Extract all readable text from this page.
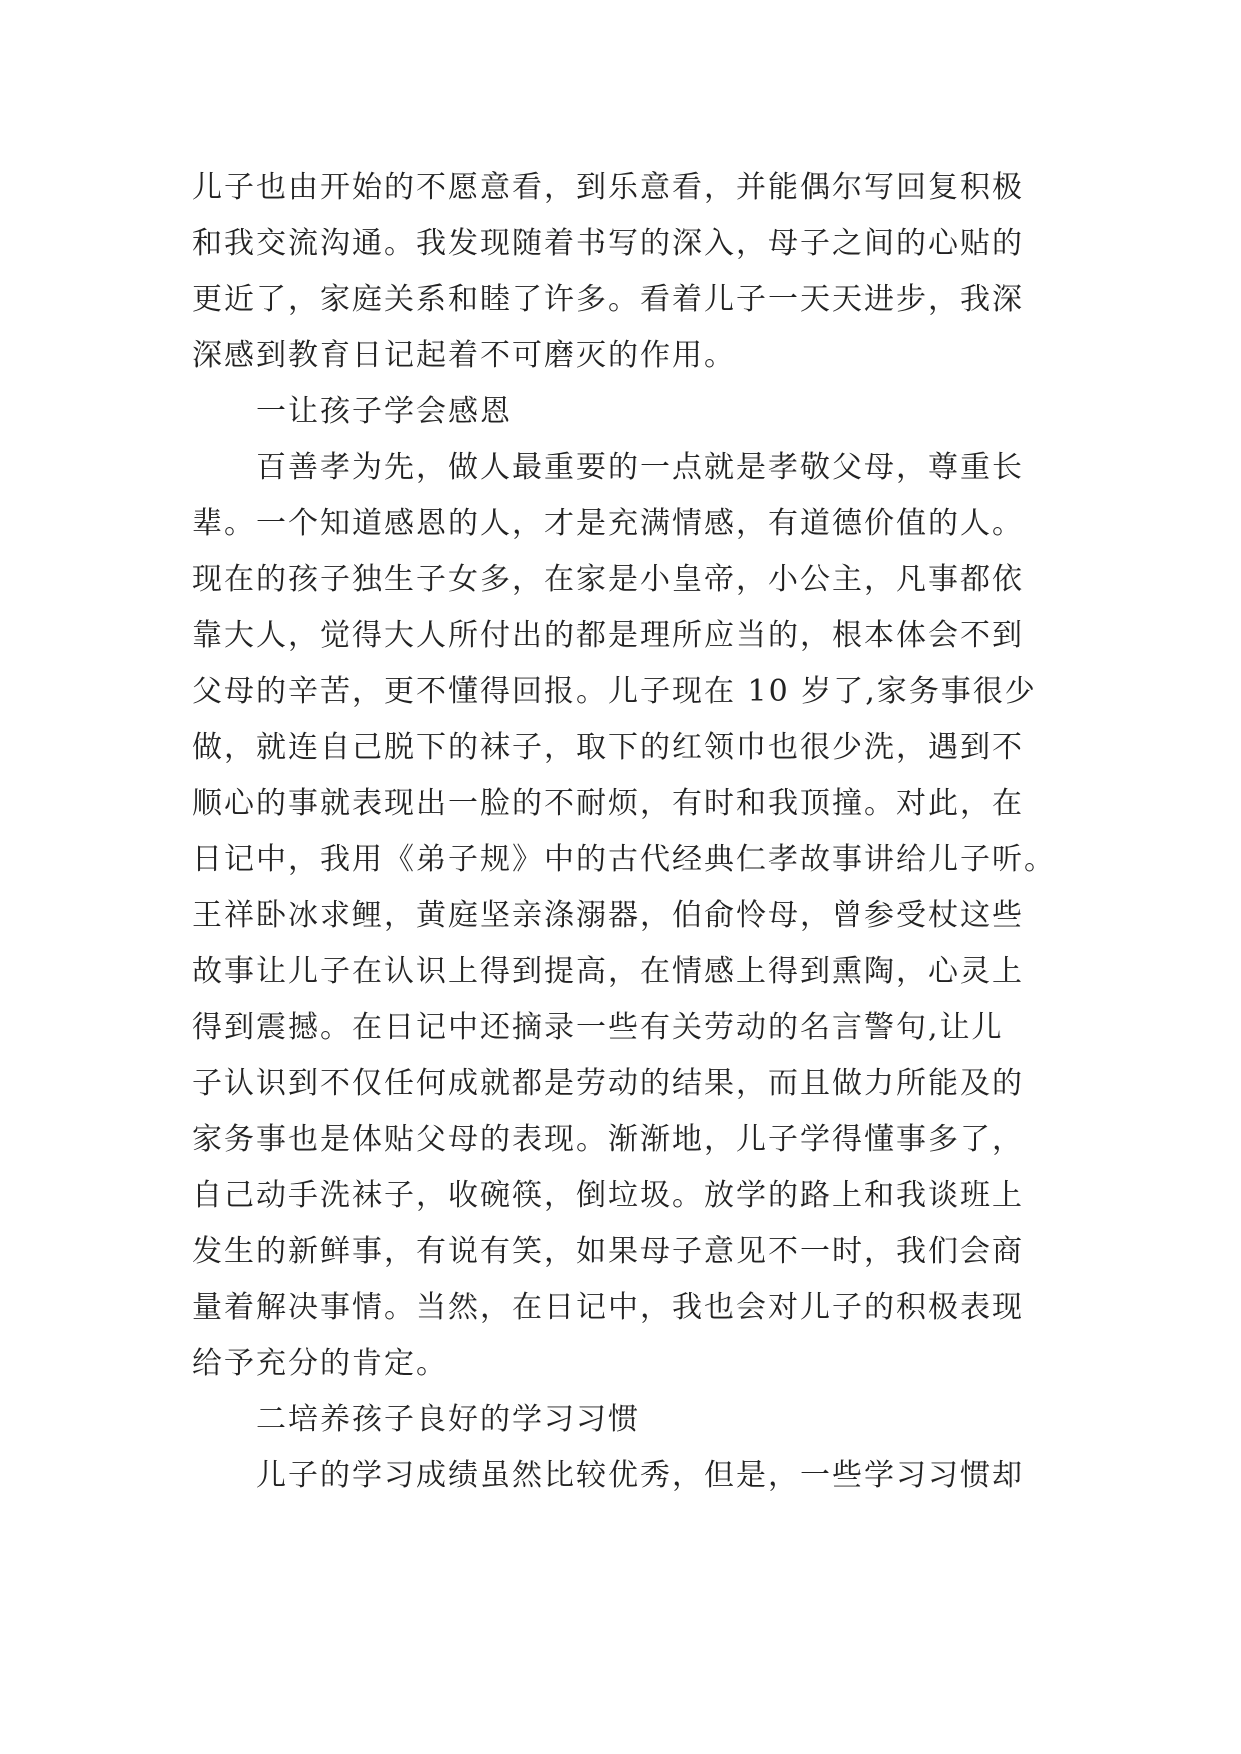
儿子也由开始的不愿意看，到乐意看，并能偶尔写回复积极

和我交流沟通。我发现随着书写的深入，母子之间的心贴的

更近了，家庭关系和睦了许多。看着儿子一天天进步，我深

深感到教育日记起着不可磨灭的作用。

一让孩子学会感恩

百善孝为先，做人最重要的一点就是孝敬父母，尊重长

辈。一个知道感恩的人，才是充满情感，有道德价值的人。

现在的孩子独生子女多，在家是小皇帝，小公主，凡事都依

靠大人，觉得大人所付出的都是理所应当的，根本体会不到

父母的辛苦，更不懂得回报。儿子现在 10 岁了,家务事很少

做，就连自己脱下的袜子，取下的红领巾也很少洗，遇到不

顺心的事就表现出一脸的不耐烦，有时和我顶撞。对此，在

日记中，我用《弟子规》中的古代经典仁孝故事讲给儿子听。

王祥卧冰求鲤，黄庭坚亲涤溺器，伯俞怜母，曾参受杖这些

故事让儿子在认识上得到提高，在情感上得到熏陶，心灵上

得到震撼。在日记中还摘录一些有关劳动的名言警句,让儿

子认识到不仅任何成就都是劳动的结果，而且做力所能及的

家务事也是体贴父母的表现。渐渐地，儿子学得懂事多了，

自己动手洗袜子，收碗筷，倒垃圾。放学的路上和我谈班上

发生的新鲜事，有说有笑，如果母子意见不一时，我们会商

量着解决事情。当然，在日记中，我也会对儿子的积极表现

给予充分的肯定。

二培养孩子良好的学习习惯

儿子的学习成绩虽然比较优秀，但是，一些学习习惯却
